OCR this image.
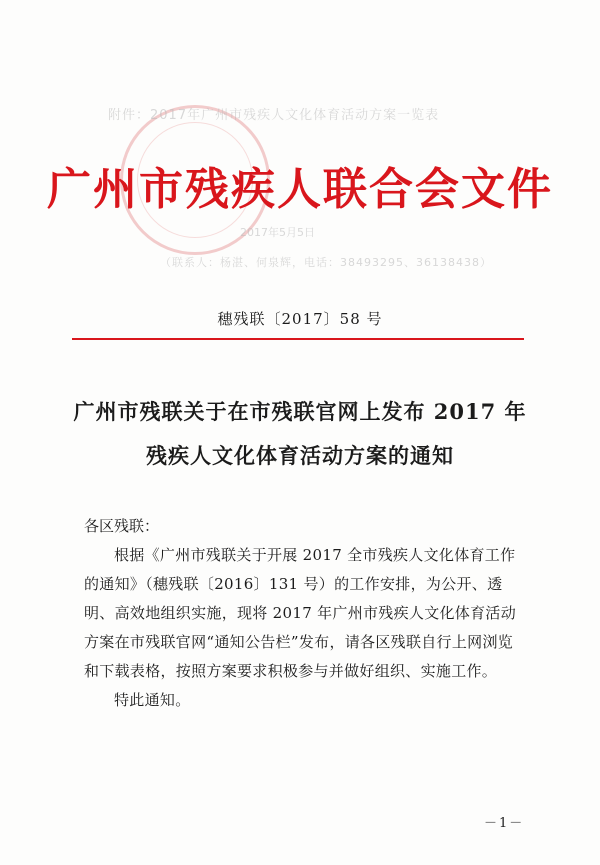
附件：2017年广州市残疾人文化体育活动方案一览表
2017年5月5日
（联系人：杨湛、何泉辉，电话：38493295、36138438）
广州市残疾人联合会文件
穗残联〔2017〕58 号
广州市残联关于在市残联官网上发布 2017 年
残疾人文化体育活动方案的通知
各区残联：

根据《广州市残联关于开展 2017 全市残疾人文化体育工作的通知》（穗残联〔2016〕131 号）的工作安排，为公开、透明、高效地组织实施，现将 2017 年广州市残疾人文化体育活动方案在市残联官网“通知公告栏”发布，请各区残联自行上网浏览和下载表格，按照方案要求积极参与并做好组织、实施工作。

特此通知。

－1－
